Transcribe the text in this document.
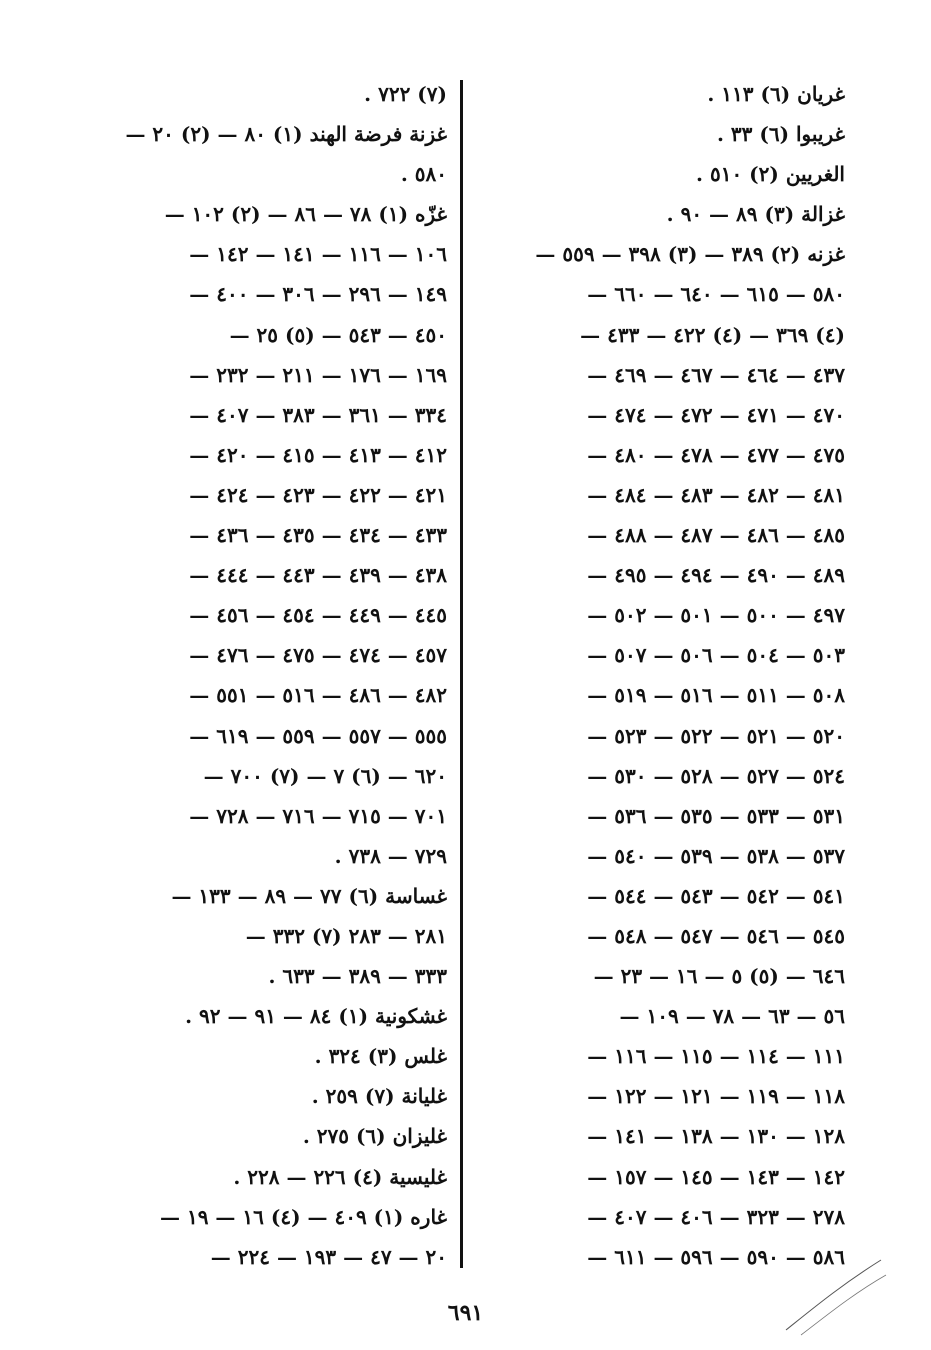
غريان (٦) ١١٣ .
غريبوا (٦) ٣٣ .
الغريين (٢) ٥١٠ .
غزالة (٣) ٨٩ — ٩٠ .
غزنه (٢) ٣٨٩ — (٣) ٣٩٨ — ٥٥٩ —
٥٨٠ — ٦١٥ — ٦٤٠ — ٦٦٠ —
(٤) ٣٦٩ — (٤) ٤٢٢ — ٤٣٣ —
٤٣٧ — ٤٦٤ — ٤٦٧ — ٤٦٩ —
٤٧٠ — ٤٧١ — ٤٧٢ — ٤٧٤ —
٤٧٥ — ٤٧٧ — ٤٧٨ — ٤٨٠ —
٤٨١ — ٤٨٢ — ٤٨٣ — ٤٨٤ —
٤٨٥ — ٤٨٦ — ٤٨٧ — ٤٨٨ —
٤٨٩ — ٤٩٠ — ٤٩٤ — ٤٩٥ —
٤٩٧ — ٥٠٠ — ٥٠١ — ٥٠٢ —
٥٠٣ — ٥٠٤ — ٥٠٦ — ٥٠٧ —
٥٠٨ — ٥١١ — ٥١٦ — ٥١٩ —
٥٢٠ — ٥٢١ — ٥٢٢ — ٥٢٣ —
٥٢٤ — ٥٢٧ — ٥٢٨ — ٥٣٠ —
٥٣١ — ٥٣٣ — ٥٣٥ — ٥٣٦ —
٥٣٧ — ٥٣٨ — ٥٣٩ — ٥٤٠ —
٥٤١ — ٥٤٢ — ٥٤٣ — ٥٤٤ —
٥٤٥ — ٥٤٦ — ٥٤٧ — ٥٤٨ —
٦٤٦ — (٥) ٥ — ١٦ — ٢٣ —
٥٦ — ٦٣ — ٧٨ — ١٠٩ —
١١١ — ١١٤ — ١١٥ — ١١٦ —
١١٨ — ١١٩ — ١٢١ — ١٢٢ —
١٢٨ — ١٣٠ — ١٣٨ — ١٤١ —
١٤٢ — ١٤٣ — ١٤٥ — ١٥٧ —
٢٧٨ — ٣٢٣ — ٤٠٦ — ٤٠٧ —
٥٨٦ — ٥٩٠ — ٥٩٦ — ٦١١ —
(٧) ٧٢٢ .
غزنة فرضة الهند (١) ٨٠ — (٢) ٢٠ —
٥٨٠ .
غزّه (١) ٧٨ — ٨٦ — (٢) ١٠٢ —
١٠٦ — ١١٦ — ١٤١ — ١٤٢ —
١٤٩ — ٢٩٦ — ٣٠٦ — ٤٠٠ —
٤٥٠ — ٥٤٣ — (٥) ٢٥ —
١٦٩ — ١٧٦ — ٢١١ — ٢٣٢ —
٣٣٤ — ٣٦١ — ٣٨٣ — ٤٠٧ —
٤١٢ — ٤١٣ — ٤١٥ — ٤٢٠ —
٤٢١ — ٤٢٢ — ٤٢٣ — ٤٢٤ —
٤٣٣ — ٤٣٤ — ٤٣٥ — ٤٣٦ —
٤٣٨ — ٤٣٩ — ٤٤٣ — ٤٤٤ —
٤٤٥ — ٤٤٩ — ٤٥٤ — ٤٥٦ —
٤٥٧ — ٤٧٤ — ٤٧٥ — ٤٧٦ —
٤٨٢ — ٤٨٦ — ٥١٦ — ٥٥١ —
٥٥٥ — ٥٥٧ — ٥٥٩ — ٦١٩ —
٦٢٠ — (٦) ٧ — (٧) ٧٠٠ —
٧٠١ — ٧١٥ — ٧١٦ — ٧٢٨ —
٧٢٩ — ٧٣٨ .
غساسة (٦) ٧٧ — ٨٩ — ١٣٣ —
٢٨١ — ٢٨٣ (٧) ٣٣٢ —
٣٣٣ — ٣٨٩ — ٦٣٣ .
غشكونية (١) ٨٤ — ٩١ — ٩٢ .
غلس (٣) ٣٢٤ .
غليانة (٧) ٢٥٩ .
غليزان (٦) ٢٧٥ .
غليسية (٤) ٢٢٦ — ٢٢٨ .
غاره (١) ٤٠٩ — (٤) ١٦ — ١٩ —
٢٠ — ٤٧ — ١٩٣ — ٢٢٤ —
٦٩١
